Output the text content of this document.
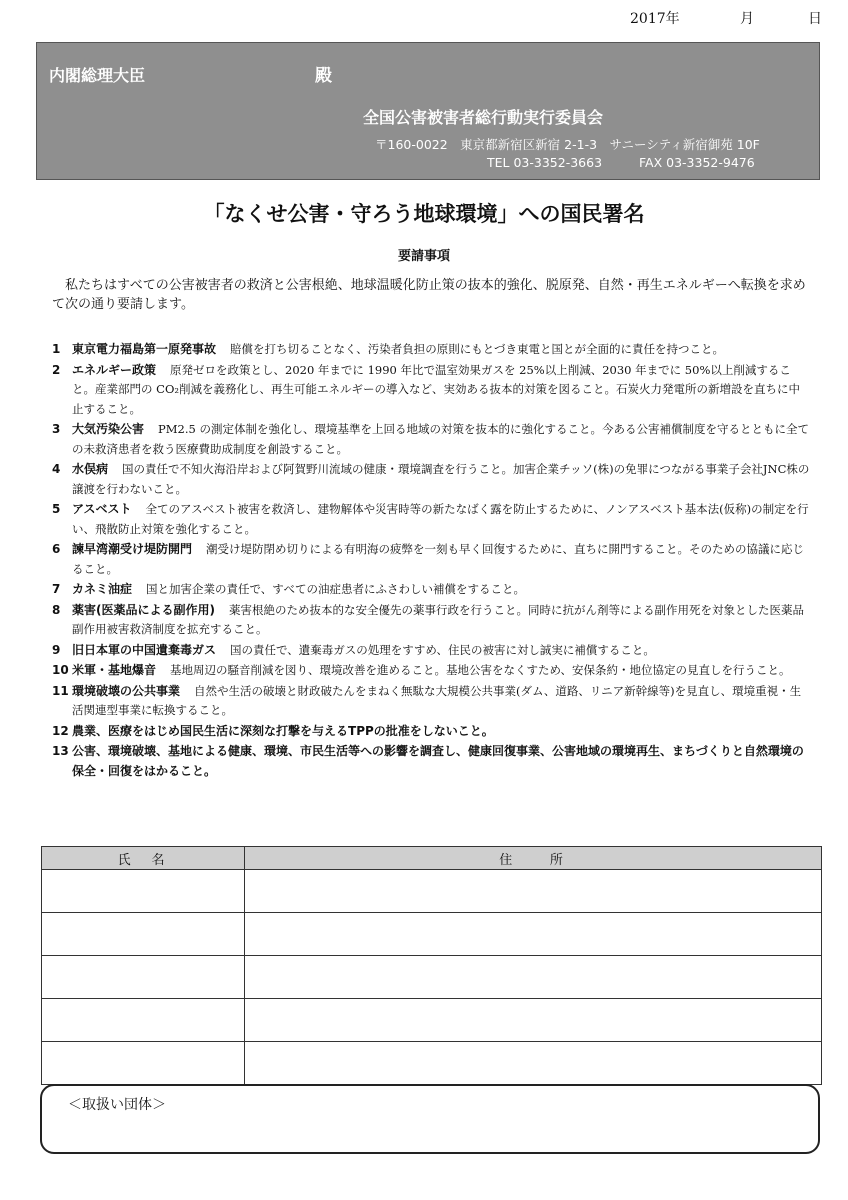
2017年	月	日
内閣総理大臣	殿
全国公害被害者総行動実行委員会
〒160-0022　東京都新宿区新宿 2-1-3　サニーシティ新宿御苑 10F
TEL 03-3352-3663	FAX 03-3352-9476
「なくせ公害・守ろう地球環境」への国民署名
要請事項
私たちはすべての公害被害者の救済と公害根絶、地球温暖化防止策の抜本的強化、脱原発、自然・再生エネルギーへ転換を求めて次の通り要請します。
1 東京電力福島第一原発事故 賠償を打ち切ることなく、汚染者負担の原則にもとづき東電と国とが全面的に責任を持つこと。
2 エネルギー政策 原発ゼロを政策とし、2020 年までに 1990 年比で温室効果ガスを 25%以上削減、2030 年までに 50%以上削減すること。産業部門の CO₂削減を義務化し、再生可能エネルギーの導入など、実効ある抜本的対策を図ること。石炭火力発電所の新増設を直ちに中止すること。
3 大気汚染公害 PM2.5 の測定体制を強化し、環境基準を上回る地域の対策を抜本的に強化すること。今ある公害補償制度を守るとともに全ての未救済患者を救う医療費助成制度を創設すること。
4 水俣病 国の責任で不知火海沿岸および阿賀野川流域の健康・環境調査を行うこと。加害企業チッソ(株)の免罪につながる事業子会社JNC株の譲渡を行わないこと。
5 アスベスト 全てのアスベスト被害を救済し、建物解体や災害時等の新たなばく露を防止するために、ノンアスベスト基本法(仮称)の制定を行い、飛散防止対策を強化すること。
6 諫早湾潮受け堤防開門 潮受け堤防閉め切りによる有明海の疲弊を一刻も早く回復するために、直ちに開門すること。そのための協議に応じること。
7 カネミ油症 国と加害企業の責任で、すべての油症患者にふさわしい補償をすること。
8 薬害(医薬品による副作用) 薬害根絶のため抜本的な安全優先の薬事行政を行うこと。同時に抗がん剤等による副作用死を対象とした医薬品副作用被害救済制度を拡充すること。
9 旧日本軍の中国遺棄毒ガス 国の責任で、遺棄毒ガスの処理をすすめ、住民の被害に対し誠実に補償すること。
10 米軍・基地爆音 基地周辺の騒音削減を図り、環境改善を進めること。基地公害をなくすため、安保条約・地位協定の見直しを行うこと。
11 環境破壊の公共事業 自然や生活の破壊と財政破たんをまねく無駄な大規模公共事業(ダム、道路、リニア新幹線等)を見直し、環境重視・生活関連型事業に転換すること。
12 農業、医療をはじめ国民生活に深刻な打撃を与えるTPPの批准をしないこと。
13 公害、環境破壊、基地による健康、環境、市民生活等への影響を調査し、健康回復事業、公害地域の環境再生、まちづくりと自然環境の保全・回復をはかること。
氏　名	住　　所

＜取扱い団体＞
